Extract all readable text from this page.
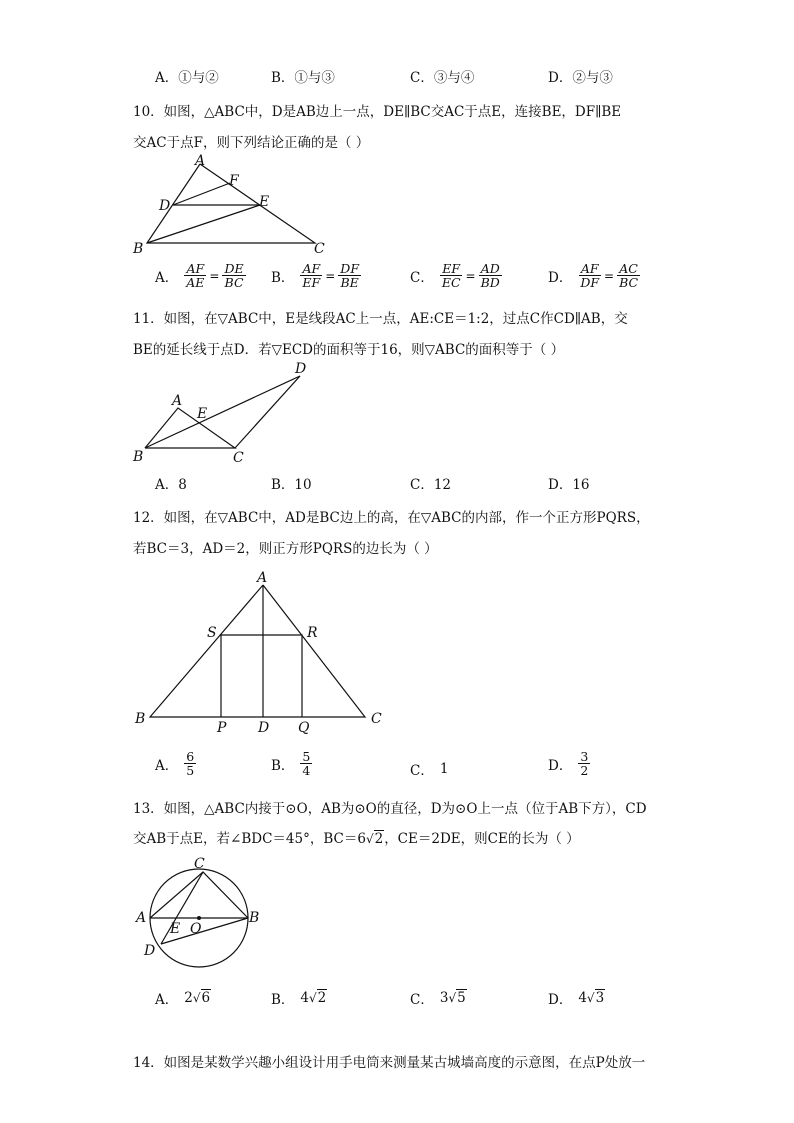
A．①与②	B．①与③	C．③与④	D．②与③
10．如图，△ABC中，D是AB边上一点，DE∥BC交AC于点E，连接BE，DF∥BE
交AC于点F，则下列结论正确的是（ ）
A
F
D	E
B	C
A． $\frac{AF}{AE} = \frac{DE}{BC}$ B． $\frac{AF}{EF} = \frac{DF}{BE}$	C． $\frac{EF}{EC} = \frac{AD}{BD}$	D． $\frac{AF}{DF} = \frac{AC}{BC}$
11．如图，在▽ABC中，E是线段AC上一点，AE:CE＝1:2，过点C作CD∥AB，交
BE的延长线于点D．若▽ECD的面积等于16，则▽ABC的面积等于（ ）
A
E
D
B	C
A．8	B．10	C．12	D．16
12．如图，在▽ABC中，AD是BC边上的高，在▽ABC的内部，作一个正方形PQRS，
若BC＝3，AD＝2，则正方形PQRS的边长为（ ）
A
S	R
B
P D Q
C
A． $\frac{6}{5}$	B． $\frac{5}{4}$	C． 1	D． $\frac{3}{2}$
13．如图，△ABC内接于⊙O，AB为⊙O的直径，D为⊙O上一点（位于AB下方），CD
交AB于点E，若∠BDC＝45°，BC＝6√2，CE＝2DE，则CE的长为（ ）
C
A	B
E O
D
A． 2√6	B． 4√2	C． 3√5	D． 4√3
14．如图是某数学兴趣小组设计用手电筒来测量某古城墙高度的示意图，在点P处放一
